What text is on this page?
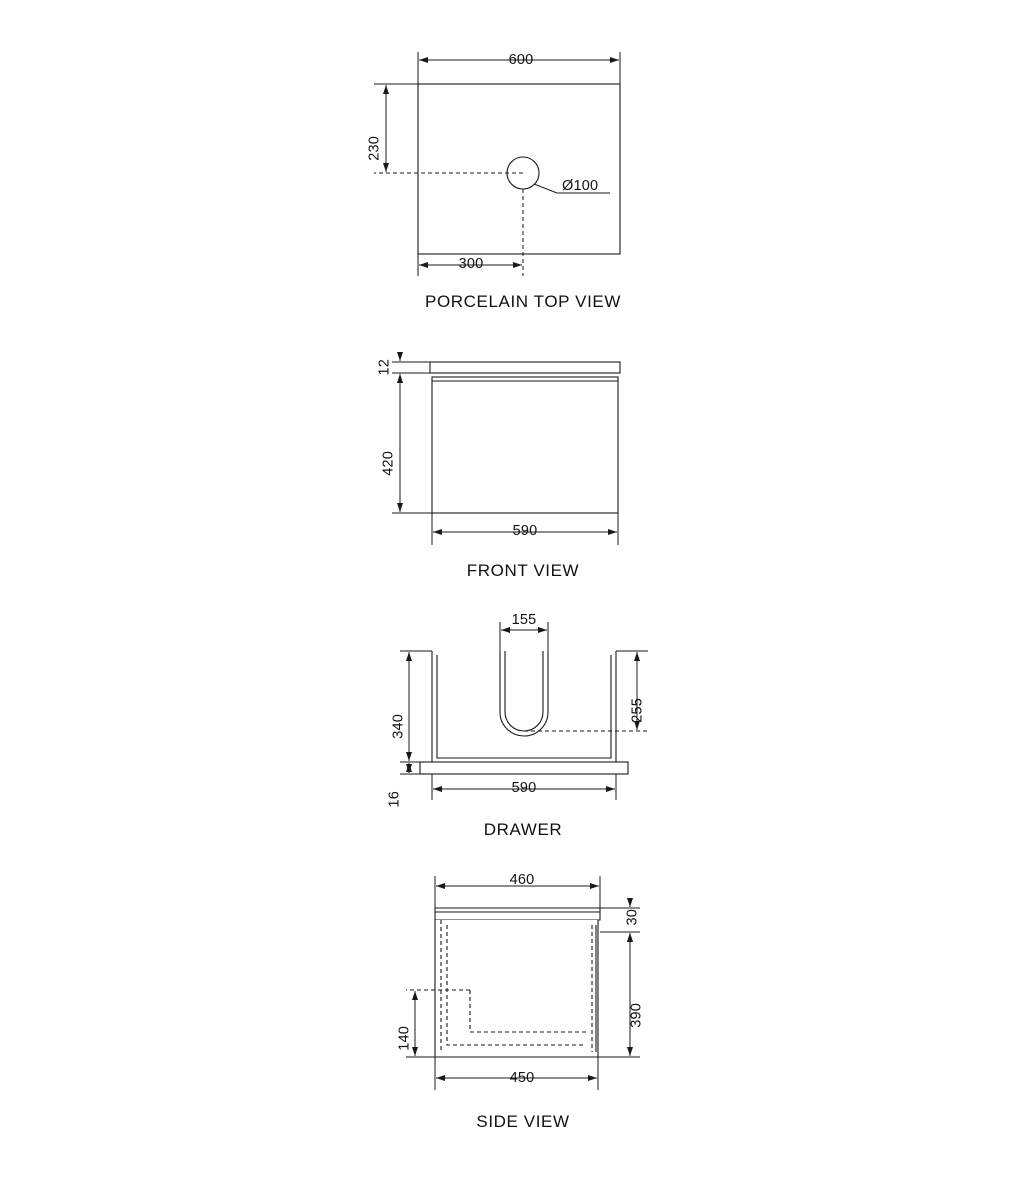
600
230
300
Ø100
PORCELAIN TOP VIEW
12
420
590
FRONT VIEW
155
340
255
16
590
DRAWER
460
30
390
140
450
SIDE VIEW
